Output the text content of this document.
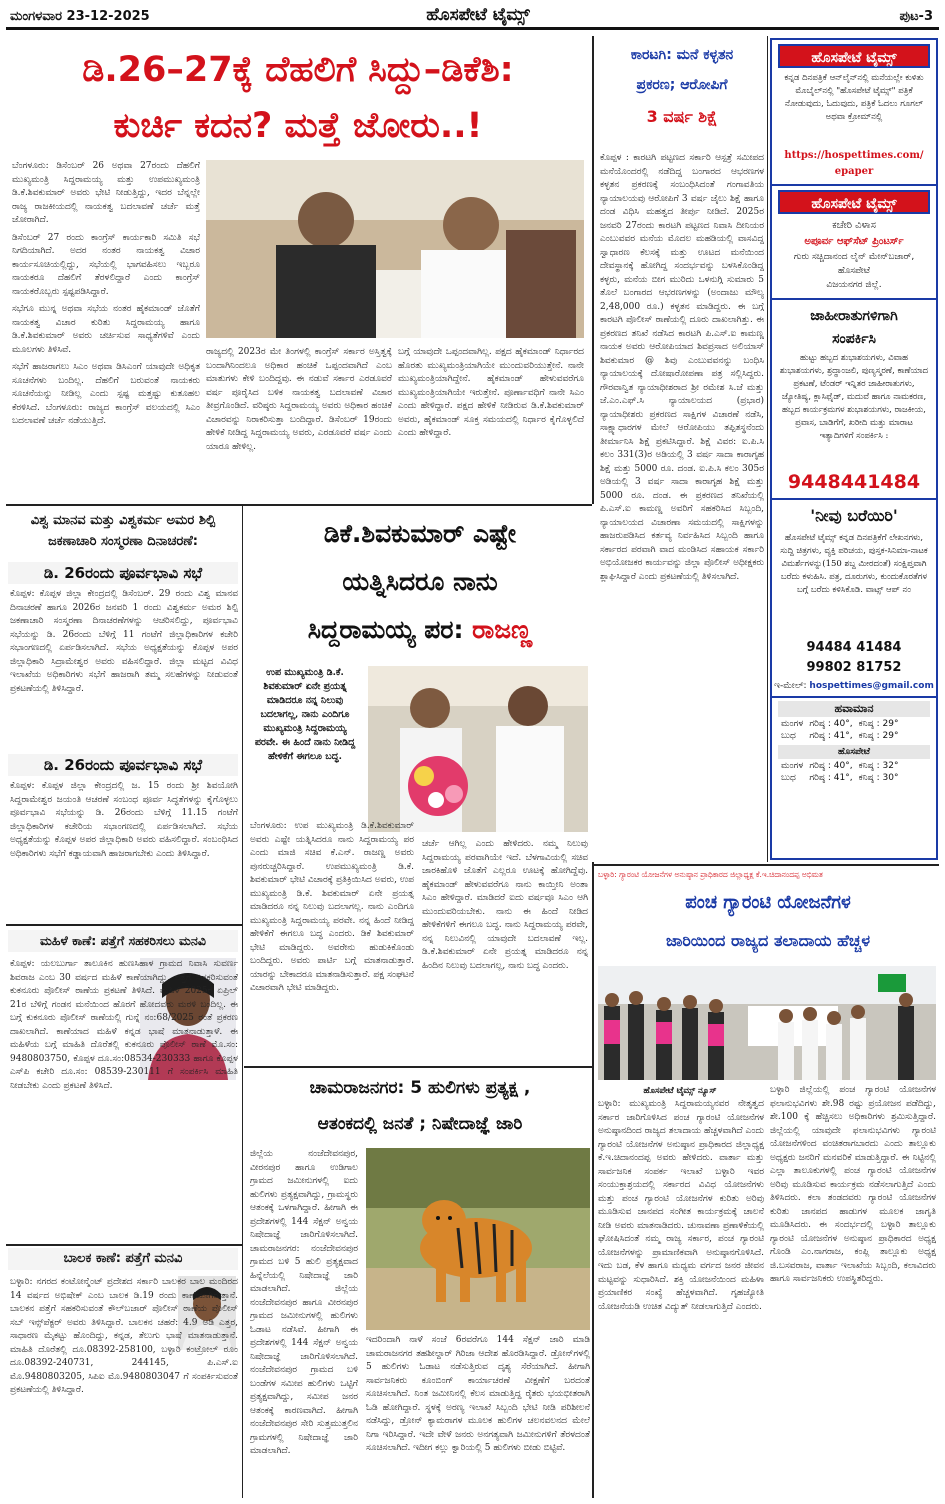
ಮಂಗಳವಾರ 23-12-2025	ಹೊಸಪೇಟೆ ಟೈಮ್ಸ್	ಪುಟ-3
ಡಿ.26–27ಕ್ಕೆ ದೆಹಲಿಗೆ ಸಿದ್ದು–ಡಿಕೆಶಿ:
ಕುರ್ಚಿ ಕದನ? ಮತ್ತೆ ಜೋರು..!

ಬೆಂಗಳೂರು: ಡಿಸೆಂಬರ್ 26 ಅಥವಾ 27ರಂದು ದೆಹಲಿಗೆ ಮುಖ್ಯಮಂತ್ರಿ ಸಿದ್ದರಾಮಯ್ಯ ಮತ್ತು ಉಪಮುಖ್ಯಮಂತ್ರಿ ಡಿ.ಕೆ.ಶಿವಕುಮಾರ್ ಅವರು ಭೇಟಿ ನೀಡುತ್ತಿದ್ದು, ಇದರ ಬೆನ್ನಲ್ಲೇ ರಾಜ್ಯ ರಾಜಕೀಯದಲ್ಲಿ ನಾಯಕತ್ವ ಬದಲಾವಣೆ ಚರ್ಚೆ ಮತ್ತೆ ಜೋರಾಗಿದೆ.

ಡಿಸೆಂಬರ್ 27 ರಂದು ಕಾಂಗ್ರೆಸ್ ಕಾರ್ಯಕಾರಿ ಸಮಿತಿ ಸಭೆ ನಿಗದಿಯಾಗಿದೆ. ಅದರ ನಂತರ ನಾಯಕತ್ವ ವಿಚಾರ ಕಾರ್ಯಸೂಚಿಯಲ್ಲಿದ್ದು, ಸಭೆಯಲ್ಲಿ ಭಾಗವಹಿಸಲು ಇಬ್ಬರೂ ನಾಯಕರೂ ದೆಹಲಿಗೆ ತೆರಳಲಿದ್ದಾರೆ ಎಂದು ಕಾಂಗ್ರೆಸ್ ನಾಯಕರೊಬ್ಬರು ಸ್ಪಷ್ಟಪಡಿಸಿದ್ದಾರೆ.

ಸಭೆಗೂ ಮುನ್ನ ಅಥವಾ ಸಭೆಯ ನಂತರ ಹೈಕಮಾಂಡ್ ಜೊತೆಗೆ ನಾಯಕತ್ವ ವಿಚಾರ ಕುರಿತು ಸಿದ್ದರಾಮಯ್ಯ ಹಾಗೂ ಡಿ.ಕೆ.ಶಿವಕುಮಾರ್ ಅವರು ಚರ್ಚಿಸುವ ಸಾಧ್ಯತೆಗಳಿವೆ ಎಂದು ಮೂಲಗಳು ತಿಳಿಸಿವೆ.

ಸಭೆಗೆ ಹಾಜರಾಗಲು ಸಿಎಂ ಅಥವಾ ಡಿಸಿಎಂಗೆ ಯಾವುದೇ ಅಧಿಕೃತ ಸೂಚನೆಗಳು ಬಂದಿಲ್ಲ. ದೆಹಲಿಗೆ ಬರುವಂತೆ ನಾಯಕರು ಸೂಚನೆಯನ್ನು ನೀಡಿಲ್ಲ ಎಂದು ಸ್ಪಷ್ಟ ಮತ್ತಷ್ಟು ಕುತೂಹಲ ಕೆರಳಿಸಿದೆ. ಬೆಂಗಳೂರು: ರಾಜ್ಯದ ಕಾಂಗ್ರೆಸ್ ವಲಯದಲ್ಲಿ ಸಿಎಂ ಬದಲಾವಣೆ ಚರ್ಚೆ ನಡೆಯುತ್ತಿದೆ.

ರಾಜ್ಯದಲ್ಲಿ 2023ರ ಮೇ ತಿಂಗಳಲ್ಲಿ ಕಾಂಗ್ರೆಸ್ ಸರ್ಕಾರ ಅಸ್ತಿತ್ವಕ್ಕೆ ಬಂದಾಗಿನಿಂದಲೂ ಅಧಿಕಾರ ಹಂಚಿಕೆ ಒಪ್ಪಂದವಾಗಿದೆ ಎಂಬ ಮಾತುಗಳು ಕೇಳಿ ಬಂದಿದ್ದವು. ಈ ನಡುವೆ ಸರ್ಕಾರ ಎರಡೂವರೆ ವರ್ಷ ಪೂರೈಸಿದ ಬಳಿಕ ನಾಯಕತ್ವ ಬದಲಾವಣೆ ವಿಚಾರ ತೀವ್ರಗೊಂಡಿದೆ. ವರಿಷ್ಠರು ಸಿದ್ದರಾಮಯ್ಯ ಅವರು ಅಧಿಕಾರ ಹಂಚಿಕೆ ವಿಚಾರವನ್ನು ನಿರಾಕರಿಸುತ್ತಾ ಬಂದಿದ್ದಾರೆ. ಡಿಸೆಂಬರ್ 19ರಂದು ಹೇಳಿಕೆ ನೀಡಿದ್ದ ಸಿದ್ದರಾಮಯ್ಯ ಅವರು, ಎರಡೂವರೆ ವರ್ಷ ಎಂದು ಯಾರೂ ಹೇಳಿಲ್ಲ.

ಬಗ್ಗೆ ಯಾವುದೇ ಒಪ್ಪಂದವಾಗಿಲ್ಲ. ಪಕ್ಷದ ಹೈಕಮಾಂಡ್ ನಿರ್ಧಾರದ ಹೊರತು ಮುಖ್ಯಮಂತ್ರಿಯಾಗಿಯೇ ಮುಂದುವರಿಯುತ್ತೇನೆ. ನಾನೇ ಮುಖ್ಯಮಂತ್ರಿಯಾಗಿದ್ದೇನೆ. ಹೈಕಮಾಂಡ್ ಹೇಳುವವರೆಗೂ ಮುಖ್ಯಮಂತ್ರಿಯಾಗಿಯೇ ಇರುತ್ತೇನೆ. ಪೂರ್ಣಾವಧಿಗೆ ನಾನೇ ಸಿಎಂ ಎಂದು ಹೇಳಿದ್ದಾರೆ. ಪಕ್ಷದ ಹೇಳಿಕೆ ನೀಡಿರುವ ಡಿ.ಕೆ.ಶಿವಕುಮಾರ್ ಅವರು, ಹೈಕಮಾಂಡ್ ಸೂಕ್ತ ಸಮಯದಲ್ಲಿ ನಿರ್ಧಾರ ಕೈಗೊಳ್ಳಲಿದೆ ಎಂದು ಹೇಳಿದ್ದಾರೆ.

ವಿಶ್ವ ಮಾನವ ಮತ್ತು ವಿಶ್ವಕರ್ಮ ಅಮರ ಶಿಲ್ಪಿ ಜಕಣಾಚಾರಿ ಸಂಸ್ಮರಣಾ ದಿನಾಚರಣೆ:
ಡಿ. 26ರಂದು ಪೂರ್ವಭಾವಿ ಸಭೆ

ಕೊಪ್ಪಳ: ಕೊಪ್ಪಳ ಜಿಲ್ಲಾ ಕೇಂದ್ರದಲ್ಲಿ ಡಿಸೆಂಬರ್. 29 ರಂದು ವಿಶ್ವ ಮಾನವ ದಿನಾಚರಣೆ ಹಾಗೂ 2026ರ ಜನವರಿ 1 ರಂದು ವಿಶ್ವಕರ್ಮ ಅಮರ ಶಿಲ್ಪಿ ಜಕಣಾಚಾರಿ ಸಂಸ್ಮರಣಾ ದಿನಾಚರಣೆಗಳನ್ನು ಆಚರಿಸಲಿದ್ದು, ಪೂರ್ವಭಾವಿ ಸಭೆಯನ್ನು ಡಿ. 26ರಂದು ಬೆಳಿಗ್ಗೆ 11 ಗಂಟೆಗೆ ಜಿಲ್ಲಾಧಿಕಾರಿಗಳ ಕಚೇರಿ ಸಭಾಂಗಣದಲ್ಲಿ ಏರ್ಪಡಿಸಲಾಗಿದೆ. ಸಭೆಯ ಅಧ್ಯಕ್ಷತೆಯನ್ನು ಕೊಪ್ಪಳ ಅಪರ ಜಿಲ್ಲಾಧಿಕಾರಿ ಸಿದ್ರಾಮೇಶ್ವರ ಅವರು ವಹಿಸಲಿದ್ದಾರೆ. ಜಿಲ್ಲಾ ಮಟ್ಟದ ವಿವಿಧ ಇಲಾಖೆಯ ಅಧಿಕಾರಿಗಳು ಸಭೆಗೆ ಹಾಜರಾಗಿ ತಮ್ಮ ಸಲಹೆಗಳನ್ನು ನೀಡುವಂತೆ ಪ್ರಕಟಣೆಯಲ್ಲಿ ತಿಳಿಸಿದ್ದಾರೆ.

ಡಿ. 26ರಂದು ಪೂರ್ವಭಾವಿ ಸಭೆ

ಕೊಪ್ಪಳ: ಕೊಪ್ಪಳ ಜಿಲ್ಲಾ ಕೇಂದ್ರದಲ್ಲಿ ಜ. 15 ರಂದು ಶ್ರೀ ಶಿವಯೋಗಿ ಸಿದ್ದರಾಮೇಶ್ವರ ಜಯಂತಿ ಆಚರಣೆ ಸಂಬಂಧ ಪೂರ್ವ ಸಿದ್ಧತೆಗಳನ್ನು ಕೈಗೊಳ್ಳಲು ಪೂರ್ವಭಾವಿ ಸಭೆಯನ್ನು ಡಿ. 26ರಂದು ಬೆಳಿಗ್ಗೆ 11.15 ಗಂಟೆಗೆ ಜಿಲ್ಲಾಧಿಕಾರಿಗಳ ಕಚೇರಿಯ ಸಭಾಂಗಣದಲ್ಲಿ ಏರ್ಪಡಿಸಲಾಗಿದೆ. ಸಭೆಯ ಅಧ್ಯಕ್ಷತೆಯನ್ನು ಕೊಪ್ಪಳ ಅಪರ ಜಿಲ್ಲಾಧಿಕಾರಿ ಅವರು ವಹಿಸಲಿದ್ದಾರೆ. ಸಂಬಂಧಿಸಿದ ಅಧಿಕಾರಿಗಳು ಸಭೆಗೆ ಕಡ್ಡಾಯವಾಗಿ ಹಾಜರಾಗಬೇಕು ಎಂದು ತಿಳಿಸಿದ್ದಾರೆ.

ಮಹಿಳೆ ಕಾಣೆ: ಪತ್ತೆಗೆ ಸಹಕರಿಸಲು ಮನವಿ

ಕೊಪ್ಪಳ: ಯಲಬುರ್ಗಾ ತಾಲೂಕಿನ ಹುಣಸಿಹಾಳ ಗ್ರಾಮದ ನಿವಾಸಿ ಸುವರ್ಣ ಶಿವರಾಜ ಎಂಬ 30 ವರ್ಷದ ಮಹಿಳೆ ಕಾಣೆಯಾಗಿದ್ದು, ಪತ್ತೆಗೆ ಸಹಕರಿಸುವಂತೆ ಕುಕನೂರು ಪೊಲೀಸ್ ಠಾಣೆಯ ಪ್ರಕಟಣೆ ತಿಳಿಸಿದೆ. ಮಹಿಳೆ 2025ರ ಏಪ್ರಿಲ್ 21ರ ಬೆಳಿಗ್ಗೆ ಗಂಡನ ಮನೆಯಿಂದ ಹೊರಗೆ ಹೋದವರು ಮರಳಿ ಬಂದಿಲ್ಲ. ಈ ಬಗ್ಗೆ ಕುಕನೂರು ಪೊಲೀಸ್ ಠಾಣೆಯಲ್ಲಿ ಗುನ್ನೆ ನಂ:68/2025 ರಂತೆ ಪ್ರಕರಣ ದಾಖಲಾಗಿದೆ. ಕಾಣೆಯಾದ ಮಹಿಳೆ ಕನ್ನಡ ಭಾಷೆ ಮಾತನಾಡುತ್ತಾಳೆ. ಈ ಮಹಿಳೆಯ ಬಗ್ಗೆ ಮಾಹಿತಿ ದೊರೆತಲ್ಲಿ ಕುಕನೂರು ಪೊಲೀಸ್ ಠಾಣೆ ಮೊ.ಸಂ: 9480803750, ಕೊಪ್ಪಳ ದೂ.ಸಂ:08534-230333 ಹಾಗೂ ಕೊಪ್ಪಳ ಎಸ್‌ಪಿ ಕಚೇರಿ ದೂ.ಸಂ: 08539-230111 ಗೆ ಸಂಪರ್ಕಿಸಿ ಮಾಹಿತಿ ನೀಡಬೇಕು ಎಂದು ಪ್ರಕಟಣೆ ತಿಳಿಸಿದೆ.

ಬಾಲಕ ಕಾಣೆ: ಪತ್ತೆಗೆ ಮನವಿ

ಬಳ್ಳಾರಿ: ನಗರದ ಕಂಟೋನ್ಮೆಂಟ್ ಪ್ರದೇಶದ ಸರ್ಕಾರಿ ಬಾಲಕರ ಬಾಲ ಮಂದಿರದ 14 ವರ್ಷದ ಅಭಿಷೇಕ್ ಎಂಬ ಬಾಲಕ ಡಿ.19 ರಂದು ಕಾಣೆಯಾಗಿರುತ್ತಾನೆ. ಬಾಲಕನ ಪತ್ತೆಗೆ ಸಹಕರಿಸುವಂತೆ ಕೌಲ್‌ಬಜಾರ್ ಪೊಲೀಸ್ ಠಾಣೆಯ ಪೊಲೀಸ್ ಸಬ್ ಇನ್ಸ್‌ಪೆಕ್ಟರ್ ಅವರು ತಿಳಿಸಿದ್ದಾರೆ. ಬಾಲಕನ ಚಹರೆ: 4.9 ಅಡಿ ಎತ್ತರ, ಸಾಧಾರಣ ಮೈಕಟ್ಟು ಹೊಂದಿದ್ದು, ಕನ್ನಡ, ತೆಲುಗು ಭಾಷೆ ಮಾತನಾಡುತ್ತಾನೆ. ಮಾಹಿತಿ ದೊರೆತಲ್ಲಿ ದೂ.08392-258100, ಬಳ್ಳಾರಿ ಕಂಟ್ರೋಲ್ ರೂಂ ದೂ.08392-240731, 244145, ಪಿ.ಎಸ್.ಐ ಮೊ.9480803205, ಸಿಪಿಐ ಮೊ.9480803047 ಗೆ ಸಂಪರ್ಕಿಸುವಂತೆ ಪ್ರಕಟಣೆಯಲ್ಲಿ ತಿಳಿಸಿದ್ದಾರೆ.

ಡಿಕೆ.ಶಿವಕುಮಾರ್ ಎಷ್ಟೇ
ಯತ್ನಿಸಿದರೂ ನಾನು
ಸಿದ್ದರಾಮಯ್ಯ ಪರ: ರಾಜಣ್ಣ
ಉಪ ಮುಖ್ಯಮಂತ್ರಿ ಡಿ.ಕೆ. ಶಿವಕುಮಾರ್ ಏನೇ ಪ್ರಯತ್ನ ಮಾಡಿದರೂ ನನ್ನ ನಿಲುವು ಬದಲಾಗಲ್ಲ, ನಾನು ಎಂದಿಗೂ ಮುಖ್ಯಮಂತ್ರಿ ಸಿದ್ದರಾಮಯ್ಯ ಪರವೇ. ಈ ಹಿಂದೆ ನಾನು ನೀಡಿದ್ದ ಹೇಳಿಕೆಗೆ ಈಗಲೂ ಬದ್ಧ.

ಬೆಂಗಳೂರು: ಉಪ ಮುಖ್ಯಮಂತ್ರಿ ಡಿ.ಕೆ.ಶಿವಕುಮಾರ್ ಅವರು ಎಷ್ಟೇ ಯತ್ನಿಸಿದರೂ ನಾನು ಸಿದ್ದರಾಮಯ್ಯ ಪರ ಎಂದು ಮಾಜಿ ಸಚಿವ ಕೆ.ಎನ್. ರಾಜಣ್ಣ ಅವರು ಪುನರುಚ್ಚರಿಸಿದ್ದಾರೆ. ಉಪಮುಖ್ಯಮಂತ್ರಿ ಡಿ.ಕೆ. ಶಿವಕುಮಾರ್ ಭೇಟಿ ವಿಚಾರಕ್ಕೆ ಪ್ರತಿಕ್ರಿಯಿಸಿದ ಅವರು, ಉಪ ಮುಖ್ಯಮಂತ್ರಿ ಡಿ.ಕೆ. ಶಿವಕುಮಾರ್ ಏನೇ ಪ್ರಯತ್ನ ಮಾಡಿದರೂ ನನ್ನ ನಿಲುವು ಬದಲಾಗಲ್ಲ. ನಾನು ಎಂದಿಗೂ ಮುಖ್ಯಮಂತ್ರಿ ಸಿದ್ದರಾಮಯ್ಯ ಪರವೇ. ನನ್ನ ಹಿಂದೆ ನೀಡಿದ್ದ ಹೇಳಿಕೆಗೆ ಈಗಲೂ ಬದ್ಧ ಎಂದರು. ಡಿಕೆ ಶಿವಕುಮಾರ್ ಭೇಟಿ ಮಾಡಿದ್ದರು. ಅವರೇನು ಹುಡುಕಿಕೊಂಡು ಬಂದಿದ್ದರು. ಅವರು ಪಾರ್ಟಿ ಬಗ್ಗೆ ಮಾತನಾಡುತ್ತಾರೆ. ಯಾರನ್ನು ಬೇಕಾದರೂ ಮಾತನಾಡಿಸುತ್ತಾರೆ. ಪಕ್ಷ ಸಂಘಟನೆ ವಿಚಾರವಾಗಿ ಭೇಟಿ ಮಾಡಿದ್ದರು.

ಚರ್ಚೆ ಆಗಿಲ್ಲ ಎಂದು ಹೇಳಿದರು. ನಮ್ಮ ನಿಲುವು ಸಿದ್ದರಾಮಯ್ಯ ಪರವಾಗಿಯೇ ಇದೆ. ಬೆಳಗಾವಿಯಲ್ಲಿ ಸಚಿವ ಜಾರಕಿಹೊಳಿ ಜೊತೆಗೆ ಎಲ್ಲರೂ ಊಟಕ್ಕೆ ಹೋಗಿದ್ದೆವು. ಹೈಕಮಾಂಡ್ ಹೇಳುವವರೆಗೂ ನಾನು ಕಾಯ್ತೀನಿ ಅಂತಾ ಸಿಎಂ ಹೇಳಿದ್ದಾರೆ. ಮಾಡಿದರೆ ಐದು ವರ್ಷವೂ ಸಿಎಂ ಆಗಿ ಮುಂದುವರಿಯಬೇಕು. ನಾನು ಈ ಹಿಂದೆ ನೀಡಿದ ಹೇಳಿಕೆಗಳಿಗೆ ಈಗಲೂ ಬದ್ಧ. ನಾನು ಸಿದ್ದರಾಮಯ್ಯ ಪರವೇ, ನನ್ನ ನಿಲುವಿನಲ್ಲಿ ಯಾವುದೇ ಬದಲಾವಣೆ ಇಲ್ಲ. ಡಿ.ಕೆ.ಶಿವಕುಮಾರ್ ಏನೇ ಪ್ರಯತ್ನ ಮಾಡಿದರೂ ನನ್ನ ಹಿಂದಿನ ನಿಲುವು ಬದಲಾಗಲ್ಲ, ನಾನು ಬದ್ಧ ಎಂದರು.

ಚಾಮರಾಜನಗರ: 5 ಹುಲಿಗಳು ಪ್ರತ್ಯಕ್ಷ ,
ಆತಂಕದಲ್ಲಿ ಜನತೆ ; ನಿಷೇದಾಜ್ಞೆ ಜಾರಿ

ಜಿಲ್ಲೆಯ ನಂಜೆದೇವನಪುರ, ವೀರನಪುರ ಹಾಗೂ ಉಡಿಗಾಲ ಗ್ರಾಮದ ಜಮೀನುಗಳಲ್ಲಿ ಐದು ಹುಲಿಗಳು ಪ್ರತ್ಯಕ್ಷವಾಗಿದ್ದು, ಗ್ರಾಮಸ್ಥರು ಆತಂಕಕ್ಕೆ ಒಳಗಾಗಿದ್ದಾರೆ. ಹೀಗಾಗಿ ಈ ಪ್ರದೇಶಗಳಲ್ಲಿ 144 ಸೆಕ್ಷನ್ ಅನ್ವಯ ನಿಷೇದಾಜ್ಞೆ ಜಾರಿಗೊಳಿಸಲಾಗಿದೆ. ಚಾಮರಾಜನಗರ: ನಂಜೆದೇವನಪುರ ಗ್ರಾಮದ ಬಳಿ 5 ಹುಲಿ ಪ್ರತ್ಯಕ್ಷವಾದ ಹಿನ್ನೆಲೆಯಲ್ಲಿ ನಿಷೇದಾಜ್ಞೆ ಜಾರಿ ಮಾಡಲಾಗಿದೆ. ಜಿಲ್ಲೆಯ ನಂಜೆದೇವನಪುರ ಹಾಗೂ ವೀರನಪುರ ಗ್ರಾಮದ ಜಮೀನುಗಳಲ್ಲಿ ಹುಲಿಗಳು ಓಡಾಟ ನಡೆಸಿವೆ. ಹೀಗಾಗಿ ಈ ಪ್ರದೇಶಗಳಲ್ಲಿ 144 ಸೆಕ್ಷನ್ ಅನ್ವಯ ನಿಷೇದಾಜ್ಞೆ ಜಾರಿಗೊಳಿಸಲಾಗಿದೆ. ನಂಜೆದೇವನಪುರ ಗ್ರಾಮದ ಬಳಿ ಬಂಡೆಗಳ ಸಮೀಪ ಹುಲಿಗಳು ಒಟ್ಟಿಗೆ ಪ್ರತ್ಯಕ್ಷವಾಗಿದ್ದು, ಸಮೀಪ ಜನರ ಆತಂಕಕ್ಕೆ ಕಾರಣವಾಗಿದೆ. ಹೀಗಾಗಿ ನಂಜೆದೇವನಪುರ ಸೇರಿ ಸುತ್ತಮುತ್ತಲಿನ ಗ್ರಾಮಗಳಲ್ಲಿ ನಿಷೇದಾಜ್ಞೆ ಜಾರಿ ಮಾಡಲಾಗಿದೆ.

ಇದರಿಂದಾಗಿ ನಾಳೆ ಸಂಜೆ 6ರವರೆಗೂ 144 ಸೆಕ್ಷನ್ ಜಾರಿ ಮಾಡಿ ಚಾಮರಾಜನಗರ ತಹಶೀಲ್ದಾರ್ ಗಿರಿಜಾ ಆದೇಶ ಹೊರಡಿಸಿದ್ದಾರೆ. ಡ್ರೋನ್‌ಗಳಲ್ಲಿ 5 ಹುಲಿಗಳು ಓಡಾಟ ನಡೆಸುತ್ತಿರುವ ದೃಶ್ಯ ಸೆರೆಯಾಗಿದೆ. ಹೀಗಾಗಿ ಸಾರ್ವಜನಿಕರು ಕೂಂಬಿಂಗ್ ಕಾರ್ಯಾಚರಣೆ ವೀಕ್ಷಣೆಗೆ ಬರದಂತೆ ಸೂಚಿಸಲಾಗಿದೆ. ನಿಂತ ಜಮೀನಿನಲ್ಲಿ ಕೆಲಸ ಮಾಡುತ್ತಿದ್ದ ರೈತರು ಭಯಭೀತರಾಗಿ ಓಡಿ ಹೋಗಿದ್ದಾರೆ. ಸ್ಥಳಕ್ಕೆ ಅರಣ್ಯ ಇಲಾಖೆ ಸಿಬ್ಬಂದಿ ಭೇಟಿ ನೀಡಿ ಪರಿಶೀಲನೆ ನಡೆಸಿದ್ದು, ಡ್ರೋನ್ ಕ್ಯಾಮರಾಗಳ ಮೂಲಕ ಹುಲಿಗಳ ಚಲನವಲನದ ಮೇಲೆ ನಿಗಾ ಇರಿಸಿದ್ದಾರೆ. ಇದೇ ವೇಳೆ ಜನರು ಅನಗತ್ಯವಾಗಿ ಜಮೀನುಗಳಿಗೆ ತೆರಳದಂತೆ ಸೂಚಿಸಲಾಗಿದೆ. ಇದೀಗ ಕಲ್ಲು ಕ್ವಾರಿಯಲ್ಲಿ 5 ಹುಲಿಗಳು ಬೀಡು ಬಿಟ್ಟಿವೆ.

ಕಾರಟಗಿ: ಮನೆ ಕಳ್ಳತನ
ಪ್ರಕರಣ; ಆರೋಪಿಗೆ
3 ವರ್ಷ ಶಿಕ್ಷೆ

ಕೊಪ್ಪಳ : ಕಾರಟಗಿ ಪಟ್ಟಣದ ಸರ್ಕಾರಿ ಆಸ್ಪತ್ರೆ ಸಮೀಪದ ಮನೆಯೊಂದರಲ್ಲಿ ನಡೆದಿದ್ದ ಬಂಗಾರದ ಆಭರಣಗಳ ಕಳ್ಳತನ ಪ್ರಕರಣಕ್ಕೆ ಸಂಬಂಧಿಸಿದಂತೆ ಗಂಗಾವತಿಯ ನ್ಯಾಯಾಲಯವು ಆರೋಪಿಗೆ 3 ವರ್ಷ ಜೈಲು ಶಿಕ್ಷೆ ಹಾಗೂ ದಂಡ ವಿಧಿಸಿ ಮಹತ್ವದ ತೀರ್ಪು ನೀಡಿದೆ. 2025ರ ಜನವರಿ 27ರಂದು ಕಾರಟಗಿ ಪಟ್ಟಣದ ನಿವಾಸಿ ದೀನಿಯರ ಎಂಬುವವರ ಮನೆಯ ಮೊದಲ ಮಹಡಿಯಲ್ಲಿ ವಾಸವಿದ್ದ ಸ್ವಾಧಾರಣ ಕೆಲಸಕ್ಕೆ ಮತ್ತು ಊಟದ ಮನೆಯಿಂದ ದೇವಸ್ಥಾನಕ್ಕೆ ಹೋಗಿದ್ದ ಸಂದರ್ಭವನ್ನು ಬಳಸಿಕೊಂಡಿದ್ದ ಕಳ್ಳರು, ಮನೆಯ ಬೀಗ ಮುರಿದು ಒಳನುಗ್ಗಿ ಸುಮಾರು 5 ತೊಲೆ ಬಂಗಾರದ ಆಭರಣಗಳನ್ನು (ಅಂದಾಜು ಮೌಲ್ಯ 2,48,000 ರೂ.) ಕಳ್ಳತನ ಮಾಡಿದ್ದರು. ಈ ಬಗ್ಗೆ ಕಾರಟಗಿ ಪೊಲೀಸ್ ಠಾಣೆಯಲ್ಲಿ ದೂರು ದಾಖಲಾಗಿತ್ತು. ಈ ಪ್ರಕರಣದ ತನಿಖೆ ನಡೆಸಿದ ಕಾರಟಗಿ ಪಿ.ಎಸ್.ಐ ಕಾಮಣ್ಣ ನಾಯಕ ಅವರು ಆರೋಪಿಯಾದ ಶಿವಪ್ರಸಾದ ಅಲಿಯಾಸ್ ಶಿವಕುಮಾರ @ ಶಿವು ಎಂಬುವವನನ್ನು ಬಂಧಿಸಿ ನ್ಯಾಯಾಲಯಕ್ಕೆ ದೋಷಾರೋಪಣಾ ಪತ್ರ ಸಲ್ಲಿಸಿದ್ದರು. ಗೌರವಾನ್ವಿತ ನ್ಯಾಯಾಧೀಶರಾದ ಶ್ರೀ ರಮೇಶ ಸಿ.ಜೆ ಮತ್ತು ಜೆ.ಎಂ.ಎಫ್.ಸಿ ನ್ಯಾಯಾಲಯದ (ಪ್ರಭಾರ) ನ್ಯಾಯಾಧೀಶರು ಪ್ರಕರಣದ ಸಾಕ್ಷಿಗಳ ವಿಚಾರಣೆ ನಡೆಸಿ, ಸಾಕ್ಷ್ಯಾಧಾರಗಳ ಮೇಲೆ ಆರೋಪಿಯು ತಪ್ಪಿತಸ್ಥನೆಂದು ತೀರ್ಮಾನಿಸಿ ಶಿಕ್ಷೆ ಪ್ರಕಟಿಸಿದ್ದಾರೆ. ಶಿಕ್ಷೆ ವಿವರ: ಐ.ಪಿ.ಸಿ ಕಲಂ 331(3)ರ ಅಡಿಯಲ್ಲಿ 3 ವರ್ಷ ಸಾದಾ ಕಾರಾಗೃಹ ಶಿಕ್ಷೆ ಮತ್ತು 5000 ರೂ. ದಂಡ. ಐ.ಪಿ.ಸಿ ಕಲಂ 305ರ ಅಡಿಯಲ್ಲಿ 3 ವರ್ಷ ಸಾದಾ ಕಾರಾಗೃಹ ಶಿಕ್ಷೆ ಮತ್ತು 5000 ರೂ. ದಂಡ. ಈ ಪ್ರಕರಣದ ತನಿಖೆಯಲ್ಲಿ ಪಿ.ಎಸ್.ಐ ಕಾಮಣ್ಣ ಅವರಿಗೆ ಸಹಕರಿಸಿದ ಸಿಬ್ಬಂದಿ, ನ್ಯಾಯಾಲಯದ ವಿಚಾರಣಾ ಸಮಯದಲ್ಲಿ ಸಾಕ್ಷಿಗಳನ್ನು ಹಾಜರುಪಡಿಸಿದ ಕರ್ತವ್ಯ ನಿರ್ವಹಿಸಿದ ಸಿಬ್ಬಂದಿ ಹಾಗೂ ಸರ್ಕಾರದ ಪರವಾಗಿ ವಾದ ಮಂಡಿಸಿದ ಸಹಾಯಕ ಸರ್ಕಾರಿ ಅಭಿಯೋಜಕರ ಕಾರ್ಯವನ್ನು ಜಿಲ್ಲಾ ಪೊಲೀಸ್ ಅಧೀಕ್ಷಕರು ಶ್ಲಾಘಿಸಿದ್ದಾರೆ ಎಂದು ಪ್ರಕಟಣೆಯಲ್ಲಿ ತಿಳಿಸಲಾಗಿದೆ.

ಹೊಸಪೇಟೆ ಟೈಮ್ಸ್
ಕನ್ನಡ ದಿನಪತ್ರಿಕೆ ಆನ್‌ಲೈನ್‌ನಲ್ಲಿ ಮನೆಯಲ್ಲೇ ಕುಳಿತು ಮೊಬೈಲ್‌ನಲ್ಲಿ "ಹೊಸಪೇಟೆ ಟೈಮ್ಸ್" ಪತ್ರಿಕೆ ನೋಡುವುದು, ಓದುವುದು, ಪತ್ರಿಕೆ ಓದಲು ಗೂಗಲ್ ಅಥವಾ ಕ್ರೋಮ್‌ನಲ್ಲಿ
https://hospettimes.com/
epaper
ಹೊಸಪೇಟೆ ಟೈಮ್ಸ್
ಕಚೇರಿ ವಿಳಾಸ
ಅಪೂರ್ವ ಆಫ್‌ಸೆಟ್ ಪ್ರಿಂಟರ್ಸ್
ಗುರು ಸಚ್ಚಿದಾನಂದ ಲೈನ್ ಮೇನ್‌ಬಜಾರ್, ಹೊಸಪೇಟೆ
ವಿಜಯನಗರ ಜಿಲ್ಲೆ.
ಜಾಹೀರಾತುಗಳಿಗಾಗಿ
ಸಂಪರ್ಕಿಸಿ
ಹುಟ್ಟು ಹಬ್ಬದ ಶುಭಾಶಯಗಳು, ವಿವಾಹ ಶುಭಾಶಯಗಳು, ಶ್ರದ್ಧಾಂಜಲಿ, ಪುಣ್ಯಸ್ಮರಣೆ, ಕಾಣೆಯಾದ ಪ್ರಕಟಣೆ, ಟೆಂಡರ್ ಇನ್ನಿತರ ಜಾಹೀರಾತುಗಳು, ಜ್ಯೋತಿಷ್ಯ, ಕ್ಲಾಸಿಫೈಡ್, ಮದುವೆ ಹಾಗೂ ನಾಮಕರಣ, ಹಬ್ಬದ ಕಾರ್ಯಕ್ರಮಗಳ ಶುಭಾಶಯಗಳು, ರಾಜಕೀಯ, ಪ್ರವಾಸ, ಬಾಡಿಗೆಗೆ, ಖರೀದಿ ಮತ್ತು ಮಾರಾಟ ಇತ್ಯಾದಿಗಳಿಗೆ ಸಂಪರ್ಕಿಸಿ :
9448441484
'ನೀವು ಬರೆಯಿರಿ'
ಹೊಸಪೇಟೆ ಟೈಮ್ಸ್ ಕನ್ನಡ ದಿನಪತ್ರಿಕೆಗೆ ಲೇಖನಗಳು, ಸುದ್ದಿ ಚಿತ್ರಗಳು, ವ್ಯಕ್ತಿ ಪರಿಚಯ, ಪುಸ್ತಕ-ಸಿನಿಮಾ-ನಾಟಕ ವಿಮರ್ಶೆಗಳನ್ನು(150 ಶಬ್ದ ಮೀರದಂತೆ) ಸಂಕ್ಷಿಪ್ತವಾಗಿ ಬರೆದು ಕಳುಹಿಸಿ. ಪತ್ರ, ದೂರುಗಳು, ಕುಂದುಕೊರತೆಗಳ ಬಗ್ಗೆ ಬರೆದು ಕಳಿಸಿಕೊಡಿ. ವಾಟ್ಸ್ ಆಪ್ ನಂ
94484 41484
99802 81752
ಇ-ಮೇಲ್: hospettimes@gmail.com
ಹವಾಮಾನ
ಮಂಗಳ	ಗರಿಷ್ಠ : 40°,	ಕನಿಷ್ಠ : 29°
ಬುಧ	ಗರಿಷ್ಠ : 41°,	ಕನಿಷ್ಠ : 29°
ಹೊಸಪೇಟೆ
ಮಂಗಳ	ಗರಿಷ್ಠ : 40°,	ಕನಿಷ್ಠ : 32°
ಬುಧ	ಗರಿಷ್ಠ : 41°,	ಕನಿಷ್ಠ : 30°
ಬಳ್ಳಾರಿ: ಗ್ಯಾರಂಟಿ ಯೋಜನೆಗಳ ಅನುಷ್ಠಾನ ಪ್ರಾಧಿಕಾರದ ಜಿಲ್ಲಾಧ್ಯಕ್ಷ ಕೆ.ಇ.ಚಿದಾನಂದಪ್ಪ ಅಭಿಮತ
ಪಂಚ ಗ್ಯಾರಂಟಿ ಯೋಜನೆಗಳ
ಜಾರಿಯಿಂದ ರಾಜ್ಯದ ತಲಾದಾಯ ಹೆಚ್ಚಳ
ಹೊಸಪೇಟೆ ಟೈಮ್ಸ್ ನ್ಯೂಸ್

ಬಳ್ಳಾರಿ: ಮುಖ್ಯಮಂತ್ರಿ ಸಿದ್ದರಾಮಯ್ಯನವರ ನೇತೃತ್ವದ ಸರ್ಕಾರ ಜಾರಿಗೊಳಿಸಿದ ಪಂಚ ಗ್ಯಾರಂಟಿ ಯೋಜನೆಗಳ ಅನುಷ್ಠಾನದಿಂದ ರಾಜ್ಯದ ತಲಾದಾಯ ಹೆಚ್ಚಳವಾಗಿದೆ ಎಂದು ಗ್ಯಾರಂಟಿ ಯೋಜನೆಗಳ ಅನುಷ್ಠಾನ ಪ್ರಾಧಿಕಾರದ ಜಿಲ್ಲಾಧ್ಯಕ್ಷ ಕೆ.ಇ.ಚಿದಾನಂದಪ್ಪ ಅವರು ಹೇಳಿದರು. ವಾರ್ತಾ ಮತ್ತು ಸಾರ್ವಜನಿಕ ಸಂಪರ್ಕ ಇಲಾಖೆ ಬಳ್ಳಾರಿ ಇವರ ಸಂಯುಕ್ತಾಶ್ರಯದಲ್ಲಿ ಸರ್ಕಾರದ ವಿವಿಧ ಯೋಜನೆಗಳು ಮತ್ತು ಪಂಚ ಗ್ಯಾರಂಟಿ ಯೋಜನೆಗಳ ಕುರಿತು ಅರಿವು ಮೂಡಿಸುವ ಜಾನಪದ ಸಂಗೀತ ಕಾರ್ಯಕ್ರಮಕ್ಕೆ ಚಾಲನೆ ನೀಡಿ ಅವರು ಮಾತನಾಡಿದರು. ಚುನಾವಣಾ ಪ್ರಣಾಳಿಕೆಯಲ್ಲಿ ಘೋಷಿಸಿದಂತೆ ನಮ್ಮ ರಾಜ್ಯ ಸರ್ಕಾರ, ಪಂಚ ಗ್ಯಾರಂಟಿ ಯೋಜನೆಗಳನ್ನು ಪ್ರಾಮಾಣಿಕವಾಗಿ ಅನುಷ್ಠಾನಗೊಳಿಸಿದೆ. ಇದು ಬಡ, ಕೆಳ ಹಾಗೂ ಮಧ್ಯಮ ವರ್ಗದ ಜನರ ಜೀವನ ಮಟ್ಟವನ್ನು ಸುಧಾರಿಸಿದೆ. ಶಕ್ತಿ ಯೋಜನೆಯಿಂದ ಮಹಿಳಾ ಪ್ರಯಾಣಿಕರ ಸಂಖ್ಯೆ ಹೆಚ್ಚಳವಾಗಿದೆ. ಗೃಹಜ್ಯೋತಿ ಯೋಜನೆಯಡಿ ಉಚಿತ ವಿದ್ಯುತ್ ನೀಡಲಾಗುತ್ತಿದೆ ಎಂದರು.

ಬಳ್ಳಾರಿ ಜಿಲ್ಲೆಯಲ್ಲಿ ಪಂಚ ಗ್ಯಾರಂಟಿ ಯೋಜನೆಗಳ ಫಲಾನುಭವಿಗಳು ಶೇ.98 ರಷ್ಟು ಪ್ರಯೋಜನ ಪಡೆದಿದ್ದು, ಶೇ.100 ಕ್ಕೆ ಹೆಚ್ಚಿಸಲು ಅಧಿಕಾರಿಗಳು ಶ್ರಮಿಸುತ್ತಿದ್ದಾರೆ. ಜಿಲ್ಲೆಯಲ್ಲಿ ಯಾವುದೇ ಫಲಾನುಭವಿಗಳು ಗ್ಯಾರಂಟಿ ಯೋಜನೆಗಳಿಂದ ವಂಚಿತರಾಗಬಾರದು ಎಂದು ತಾಲ್ಲೂಕು ಅಧ್ಯಕ್ಷರು ಜನರಿಗೆ ಮನವರಿಕೆ ಮಾಡುತ್ತಿದ್ದಾರೆ. ಈ ನಿಟ್ಟಿನಲ್ಲಿ ಎಲ್ಲಾ ತಾಲೂಕುಗಳಲ್ಲಿ ಪಂಚ ಗ್ಯಾರಂಟಿ ಯೋಜನೆಗಳ ಅರಿವು ಮೂಡಿಸುವ ಕಾರ್ಯಕ್ರಮ ನಡೆಸಲಾಗುತ್ತಿದೆ ಎಂದು ತಿಳಿಸಿದರು. ಕಲಾ ತಂಡದವರು ಗ್ಯಾರಂಟಿ ಯೋಜನೆಗಳ ಕುರಿತು ಜಾನಪದ ಹಾಡುಗಳ ಮೂಲಕ ಜಾಗೃತಿ ಮೂಡಿಸಿದರು. ಈ ಸಂದರ್ಭದಲ್ಲಿ ಬಳ್ಳಾರಿ ತಾಲ್ಲೂಕು ಗ್ಯಾರಂಟಿ ಯೋಜನೆಗಳ ಅನುಷ್ಠಾನ ಪ್ರಾಧಿಕಾರದ ಅಧ್ಯಕ್ಷ ಗೊಂಡಿ ಎಂ.ನಾಗರಾಜ, ಕಂಪ್ಲಿ ತಾಲ್ಲೂಕು ಅಧ್ಯಕ್ಷ ಜಿ.ಬಸವರಾಜ, ವಾರ್ತಾ ಇಲಾಖೆಯ ಸಿಬ್ಬಂದಿ, ಕಲಾವಿದರು ಹಾಗೂ ಸಾರ್ವಜನಿಕರು ಉಪಸ್ಥಿತರಿದ್ದರು.
